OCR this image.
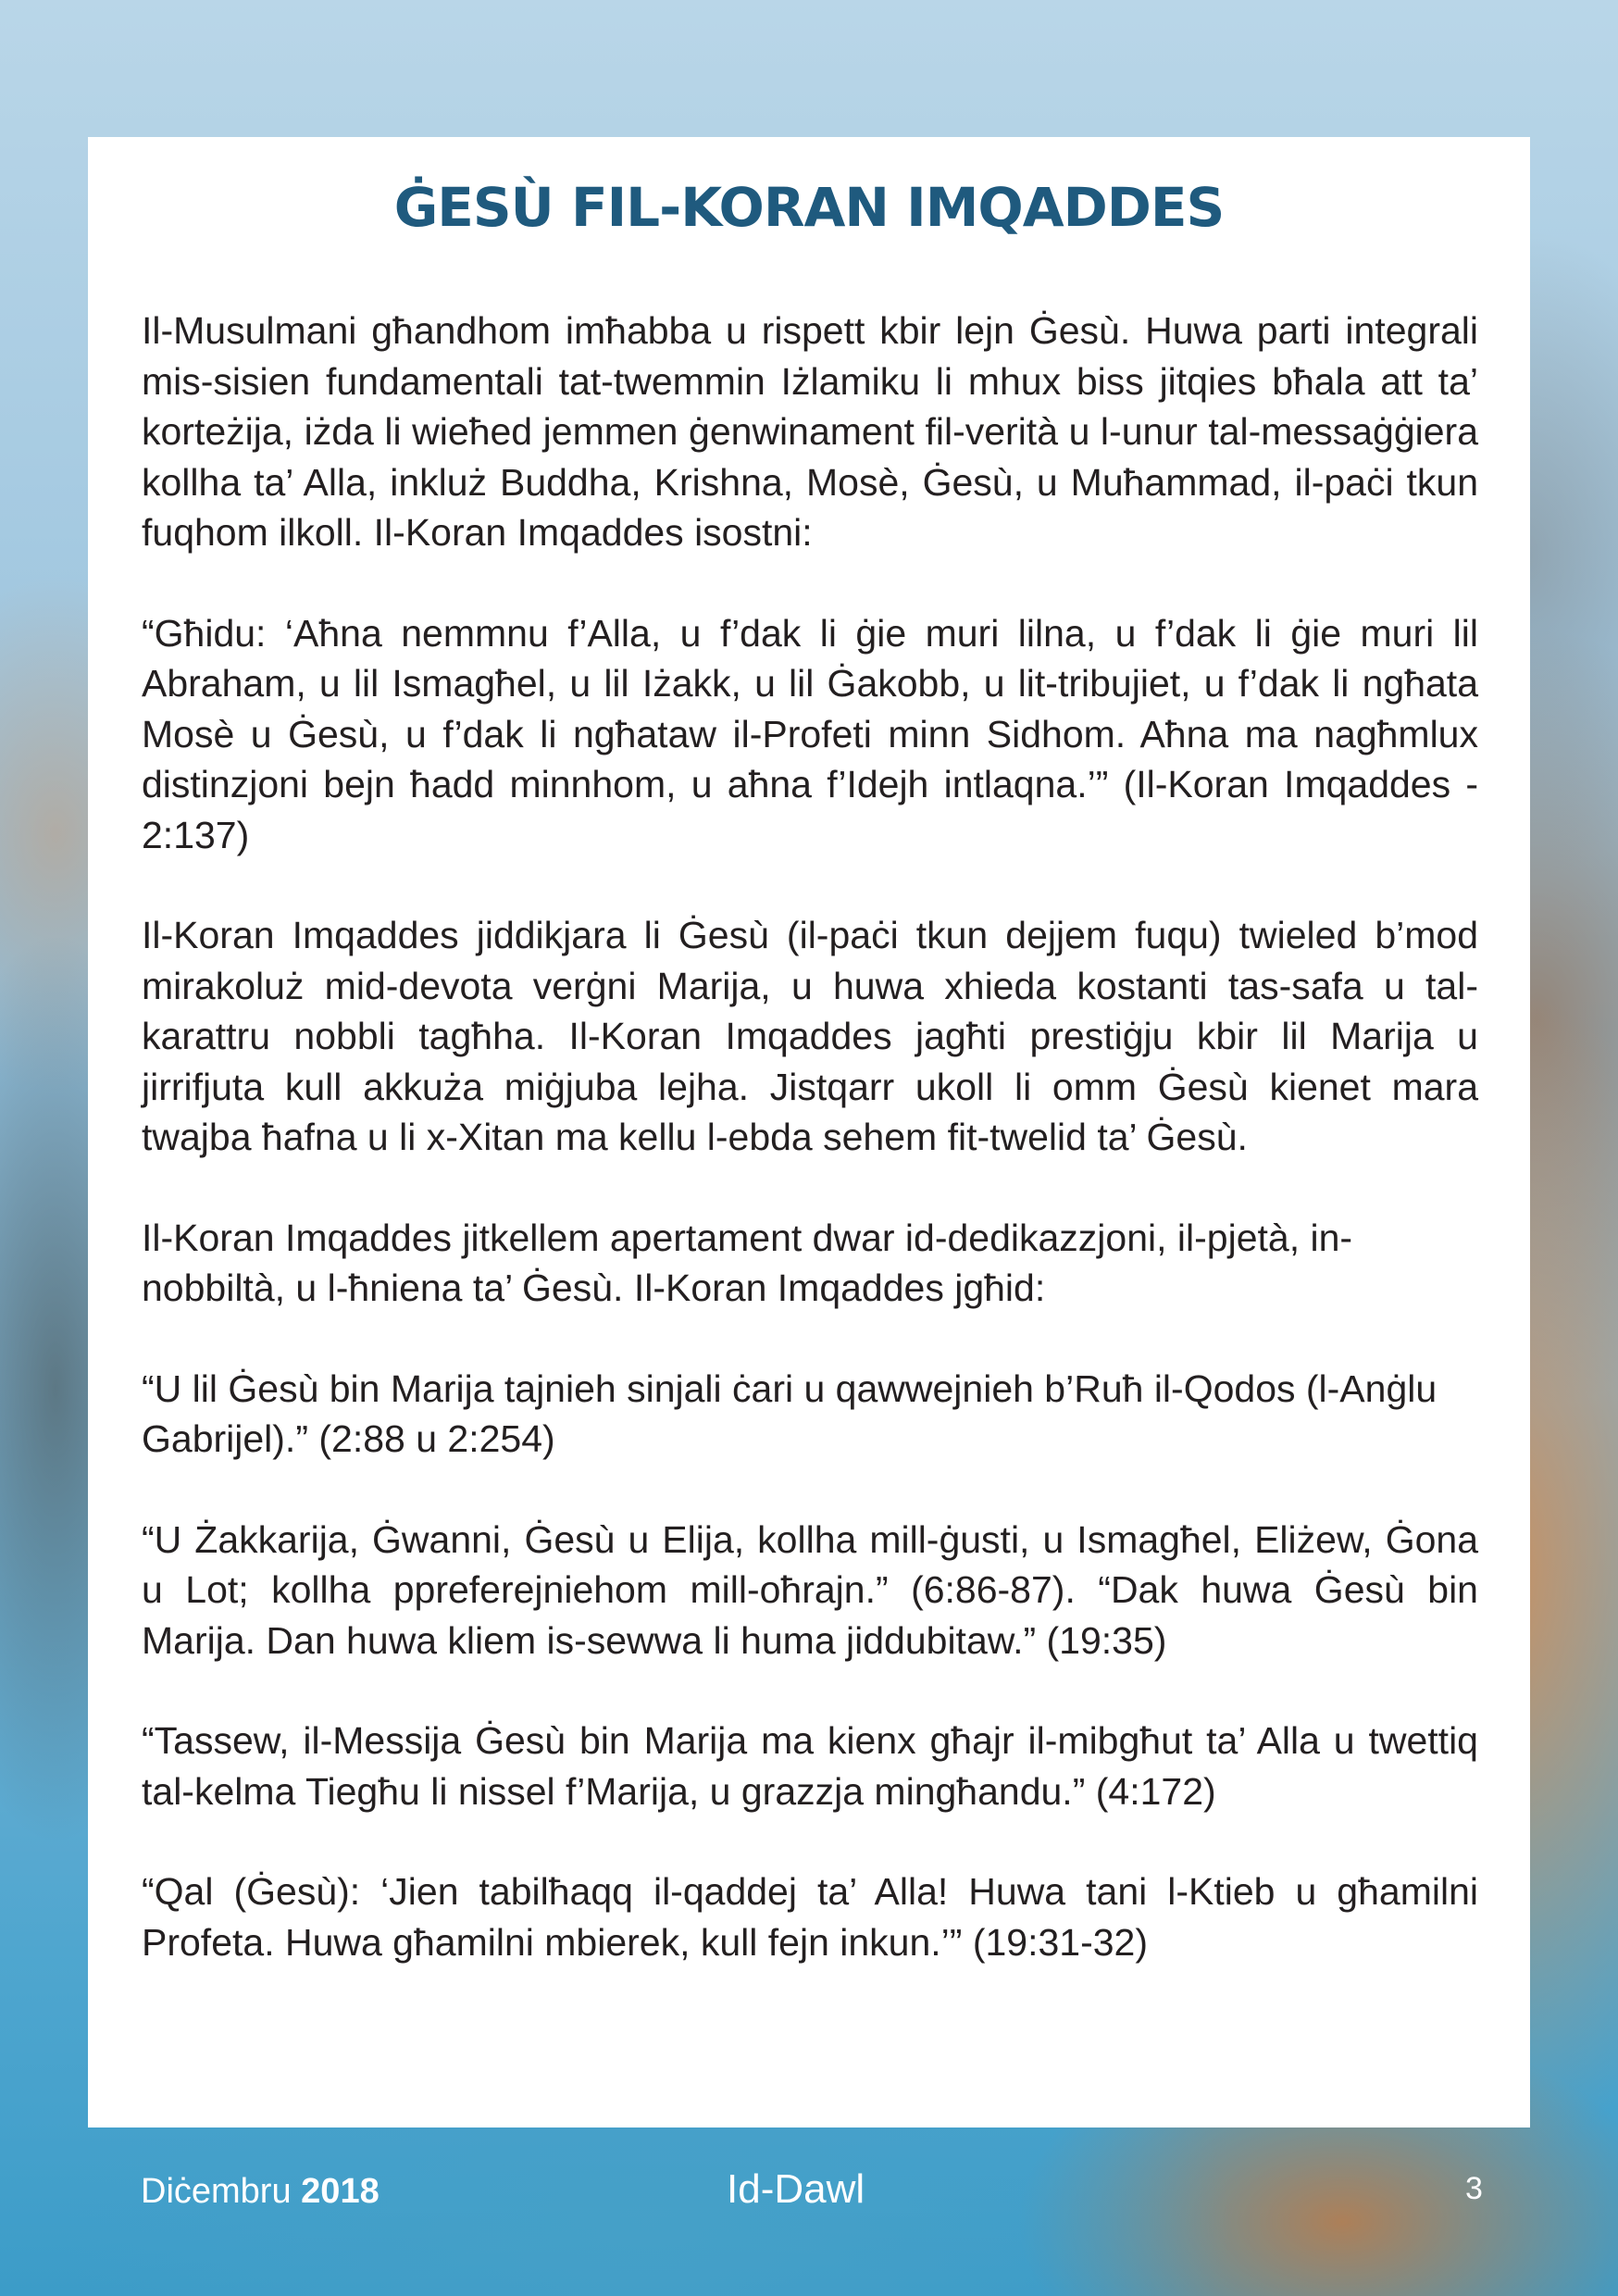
ĠESÙ FIL-KORAN IMQADDES

Il-Musulmani għandhom imħabba u rispett kbir lejn Ġesù. Huwa parti integrali mis-sisien fundamentali tat-twemmin Iżlamiku li mhux biss jitqies bħala att ta’ korteżija, iżda li wieħed jemmen ġenwinament fil-verità u l-unur tal-messaġġiera kollha ta’ Alla, inkluż Buddha, Krishna, Mosè, Ġesù, u Muħammad, il-paċi tkun fuqhom ilkoll. Il-Koran Imqaddes isostni:

“Għidu: ‘Aħna nemmnu f’Alla, u f’dak li ġie muri lilna, u f’dak li ġie muri lil Abraham, u lil Ismagħel, u lil Iżakk, u lil Ġakobb, u lit-tribujiet, u f’dak li ngħata Mosè u Ġesù, u f’dak li ngħataw il-Profeti minn Sidhom. Aħna ma nagħmlux distinzjoni bejn ħadd minnhom, u aħna f’Idejh intlaqna.’” (Il-Koran Imqaddes - 2:137)

Il-Koran Imqaddes jiddikjara li Ġesù (il-paċi tkun dejjem fuqu) twieled b’mod mirakoluż mid-devota verġni Marija, u huwa xhieda kostanti tas-safa u tal-karattru nobbli tagħha. Il-Koran Imqaddes jagħti prestiġju kbir lil Marija u jirrifjuta kull akkuża miġjuba lejha. Jistqarr ukoll li omm Ġesù kienet mara twajba ħafna u li x-Xitan ma kellu l-ebda sehem fit-twelid ta’ Ġesù.

Il-Koran Imqaddes jitkellem apertament dwar id-dedikazzjoni, il-pjetà, in-nobbiltà, u l-ħniena ta’ Ġesù. Il-Koran Imqaddes jgħid:

“U lil Ġesù bin Marija tajnieh sinjali ċari u qawwejnieh b’Ruħ il-Qodos (l-Anġlu Gabrijel).” (2:88 u 2:254)

“U Żakkarija, Ġwanni, Ġesù u Elija, kollha mill-ġusti, u Ismagħel, Eliżew, Ġona u Lot; kollha ppreferejniehom mill-oħrajn.” (6:86-87). “Dak huwa Ġesù bin Marija. Dan huwa kliem is-sewwa li huma jiddubitaw.” (19:35)

“Tassew, il-Messija Ġesù bin Marija ma kienx għajr il-mibgħut ta’ Alla u twettiq tal-kelma Tiegħu li nissel f’Marija, u grazzja mingħandu.” (4:172)

“Qal (Ġesù): ‘Jien tabilħaqq il-qaddej ta’ Alla! Huwa tani l-Ktieb u għamilni Profeta. Huwa għamilni mbierek, kull fejn inkun.’” (19:31-32)

Diċembru 2018	Id-Dawl	3
